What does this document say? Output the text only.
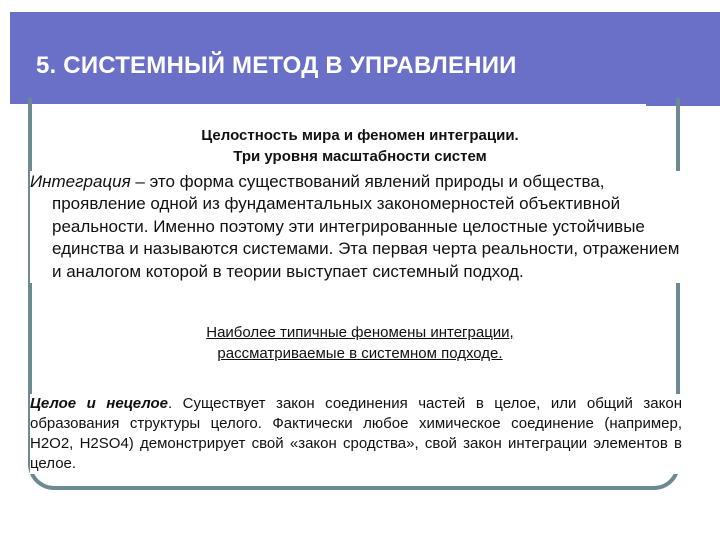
5. СИСТЕМНЫЙ МЕТОД В УПРАВЛЕНИИ
Целостность мира и феномен интеграции.
Три уровня масштабности систем
Интеграция – это форма существований явлений природы и общества, проявление одной из фундаментальных закономерностей объективной реальности. Именно поэтому эти интегрированные целостные устойчивые единства и называются системами. Эта первая черта реальности, отражением и аналогом которой в теории выступает системный подход.
Наиболее типичные феномены интеграции,
рассматриваемые в системном подходе.
Целое и нецелое. Существует закон соединения частей в целое, или общий закон образования структуры целого. Фактически любое химическое соединение (например, H2O2, H2SO4) демонстрирует свой «закон сродства», свой закон интеграции элементов в целое.
